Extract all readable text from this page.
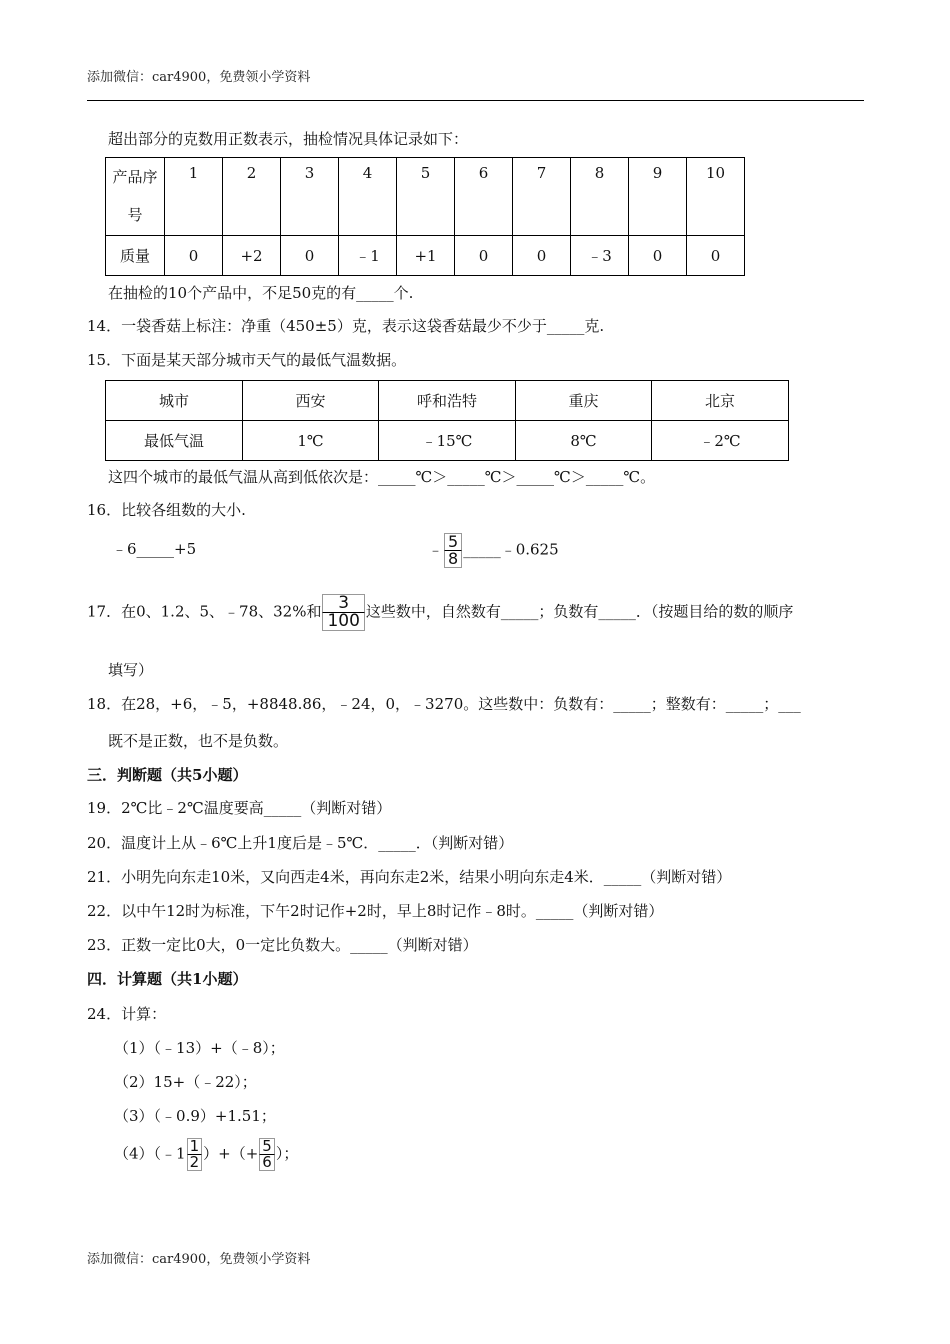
添加微信：car4900，免费领小学资料
超出部分的克数用正数表示，抽检情况具体记录如下：
产品序
号	1	2	3	4	5	6	7	8	9	10
质量	0	+2	0	﹣1	+1	0	0	﹣3	0	0
在抽检的10个产品中，不足50克的有_____个.
14．一袋香菇上标注：净重（450±5）克，表示这袋香菇最少不少于_____克.
15．下面是某天部分城市天气的最低气温数据。
城市	西安	呼和浩特	重庆	北京
最低气温	1℃	﹣15℃	8℃	﹣2℃
这四个城市的最低气温从高到低依次是：_____℃＞_____℃＞_____℃＞_____℃。
16．比较各组数的大小.
﹣6_____+5	﹣ $\frac{5}{8}$ _____﹣0.625
17．在0、1.2、5、﹣78、32%和 $\frac{3}{100}$ 这些数中，自然数有_____；负数有_____．（按题目给的数的顺序
填写）
18．在28，+6，﹣5，+8848.86，﹣24，0，﹣3270。这些数中：负数有：_____；整数有：_____；___
既不是正数，也不是负数。
三．判断题（共5小题）
19．2℃比﹣2℃温度要高_____（判断对错）
20．温度计上从﹣6℃上升1度后是﹣5℃．_____．（判断对错）
21．小明先向东走10米，又向西走4米，再向东走2米，结果小明向东走4米．_____（判断对错）
22．以中午12时为标准，下午2时记作+2时，早上8时记作﹣8时。_____（判断对错）
23．正数一定比0大，0一定比负数大。_____（判断对错）
四．计算题（共1小题）
24．计算：
（1）（﹣13）+（﹣8）；
（2）15+（﹣22）；
（3）（﹣0.9）+1.51；
（4）（﹣1 $\frac{1}{2}$ ）+（+ $\frac{5}{6}$ ）；
添加微信：car4900，免费领小学资料
